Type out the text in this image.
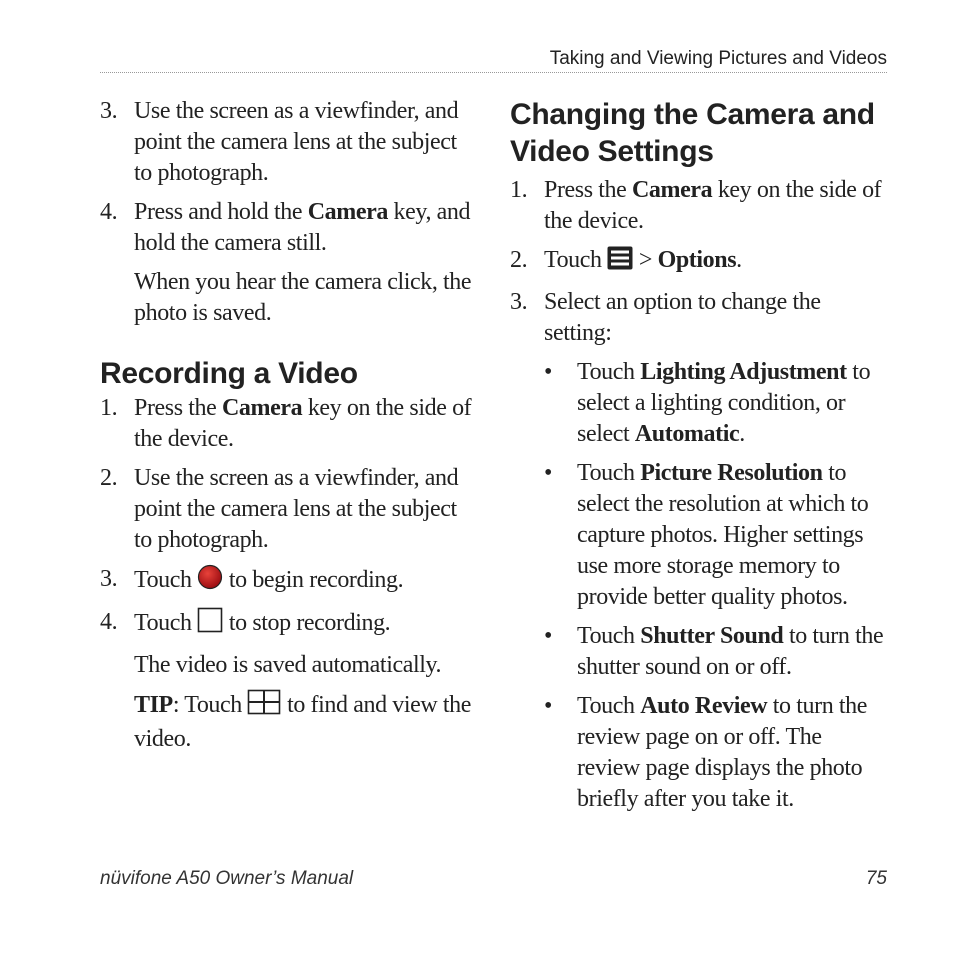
Taking and Viewing Pictures and Videos
3. Use the screen as a viewfinder, and point the camera lens at the subject to photograph.
4. Press and hold the Camera key, and hold the camera still.
When you hear the camera click, the photo is saved.
Recording a Video
1. Press the Camera key on the side of the device.
2. Use the screen as a viewfinder, and point the camera lens at the subject to photograph.
3. Touch  to begin recording.
4. Touch  to stop recording.
The video is saved automatically.
TIP: Touch  to find and view the video.
Changing the Camera and Video Settings
1. Press the Camera key on the side of the device.
2. Touch  > Options.
3. Select an option to change the setting:
• Touch Lighting Adjustment to select a lighting condition, or select Automatic.
• Touch Picture Resolution to select the resolution at which to capture photos. Higher settings use more storage memory to provide better quality photos.
• Touch Shutter Sound to turn the shutter sound on or off.
• Touch Auto Review to turn the review page on or off. The review page displays the photo briefly after you take it.
nüvifone A50 Owner’s Manual	75
